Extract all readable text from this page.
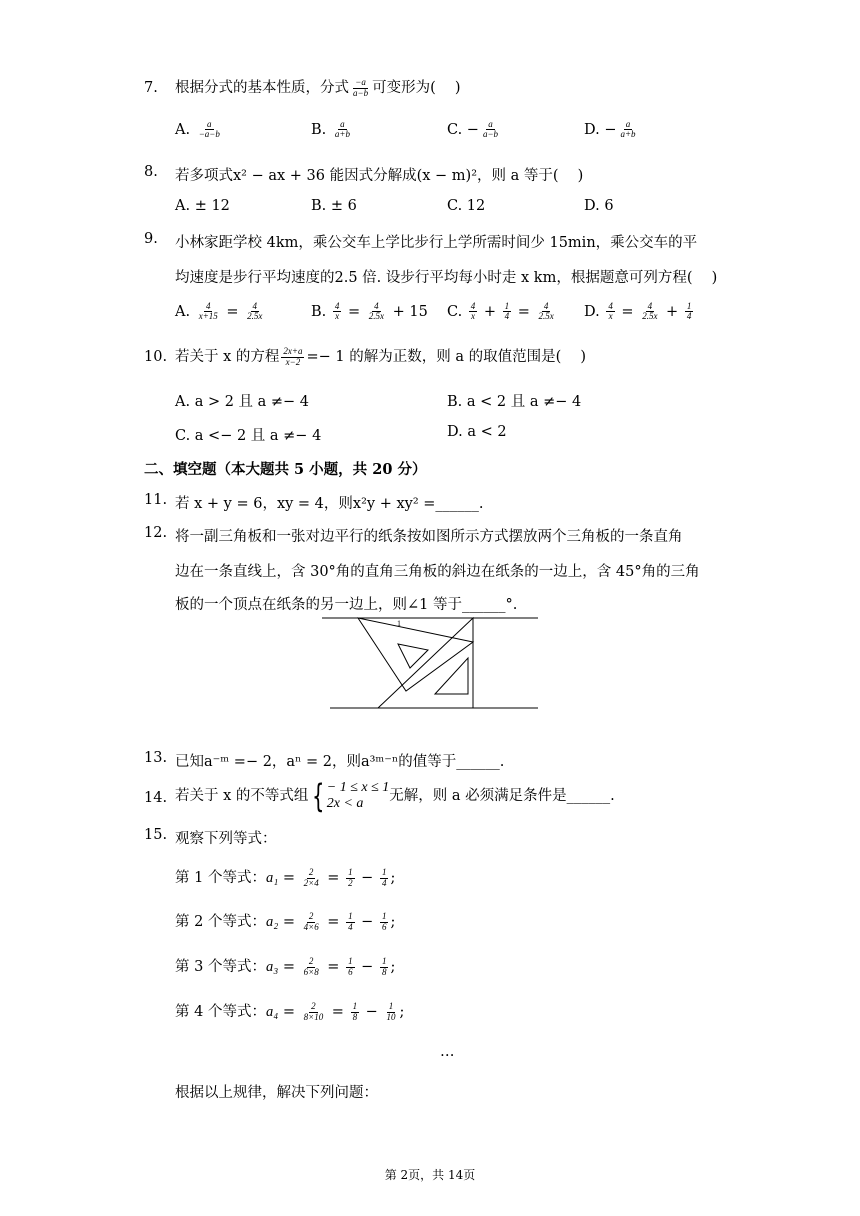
7. 根据分式的基本性质，分式 $\frac{-a}{a-b}$ 可变形为(　 )
A. $\frac{a}{-a-b}$	B. $\frac{a}{a+b}$	C. − $\frac{a}{a-b}$	D. − $\frac{a}{a+b}$
8. 若多项式x² − ax + 36 能因式分解成(x − m)²，则 a 等于(　 )
A. ± 12	B. ± 6	C. 12	D. 6
9. 小林家距学校 4km，乘公交车上学比步行上学所需时间少 15min，乘公交车的平
均速度是步行平均速度的2.5 倍. 设步行平均每小时走 x km，根据题意可列方程(　 )
A. $\frac{4}{x+15} = \frac{4}{2.5x}$	B. $\frac{4}{x} = \frac{4}{2.5x} + 15$ C. $\frac{4}{x} + \frac{1}{4} = \frac{4}{2.5x} D$. $\frac{4}{x} = \frac{4}{2.5x} + \frac{1}{4}$
10. 若关于 x 的方程 $\frac{2x+a}{x-2} =- 1$ 的解为正数，则 a 的取值范围是(　 )
A. a > 2 且 a ≠− 4	B. a < 2 且 a ≠− 4
C. a <− 2 且 a ≠− 4	D. a < 2
二、填空题（本大题共 5 小题，共 20 分）
11. 若 x + y = 6，xy = 4，则x²y + xy² =______.
12. 将一副三角板和一张对边平行的纸条按如图所示方式摆放两个三角板的一条直角
边在一条直线上，含 30°角的直角三角板的斜边在纸条的一边上，含 45°角的三角
板的一个顶点在纸条的另一边上，则∠1 等于______°.
1
13. 已知a⁻ᵐ =− 2，aⁿ = 2，则a³ᵐ⁻ⁿ的值等于______.
14. 若关于 x 的不等式组 { − 1 ≤ x ≤ 1
2x < a	无解，则 a 必须满足条件是______.
15. 观察下列等式：
第 1 个等式：$a_1 = \frac{2}{2\times 4} = \frac{1}{2} - \frac{1}{4}$ ;
第 2 个等式：$a_2 = \frac{2}{4\times 6} = \frac{1}{4} - \frac{1}{6}$ ;
第 3 个等式：$a_3 = \frac{2}{6\times 8} = \frac{1}{6} - \frac{1}{8}$ ;
第 4 个等式：$a_4 = \frac{2}{8\times 10} = \frac{1}{8} - \frac{1}{10}$ ;
…
根据以上规律，解决下列问题：
第 2页，共 14页
